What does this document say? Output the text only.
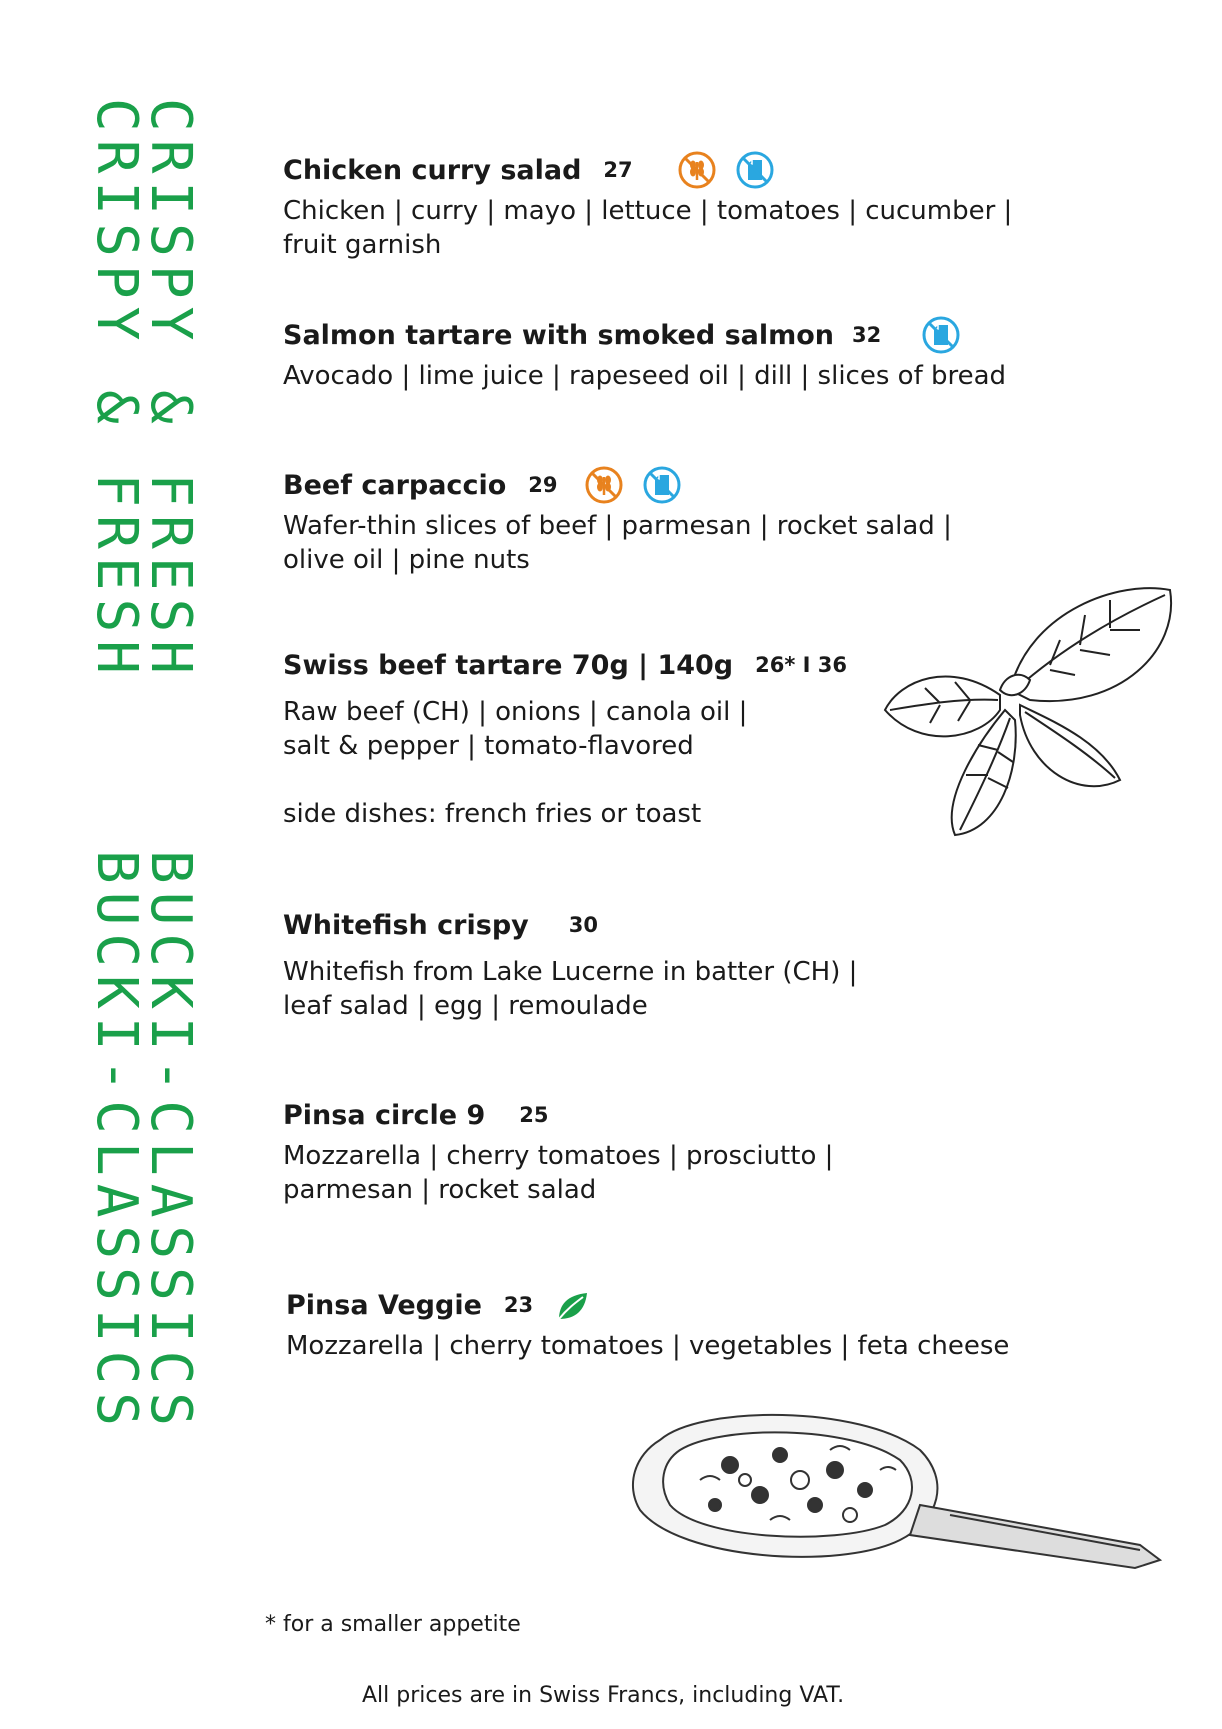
CRISPY & FRESH
CRISPY & FRESH
BUCKI-CLASSICS
BUCKI-CLASSICS
Chicken curry salad 27
Chicken | curry | mayo | lettuce | tomatoes | cucumber |
fruit garnish
Salmon tartare with smoked salmon 32
Avocado | lime juice | rapeseed oil | dill | slices of bread
Beef carpaccio 29
Wafer-thin slices of beef | parmesan | rocket salad |
olive oil | pine nuts
Swiss beef tartare 70g | 140g 26* I 36
Raw beef (CH) | onions | canola oil |
salt & pepper | tomato-flavored
side dishes: french fries or toast
Whitefish crispy 30
Whitefish from Lake Lucerne in batter (CH) |
leaf salad | egg | remoulade
Pinsa circle 9 25
Mozzarella | cherry tomatoes | prosciutto |
parmesan | rocket salad
Pinsa Veggie 23
Mozzarella | cherry tomatoes | vegetables | feta cheese
* for a smaller appetite
All prices are in Swiss Francs, including VAT.
